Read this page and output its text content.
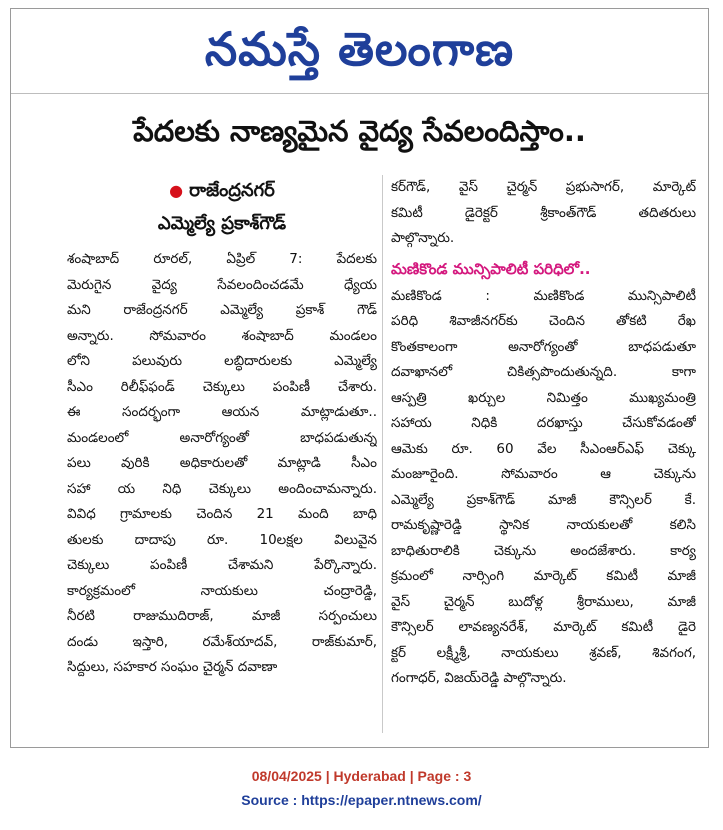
నమస్తే తెలంగాణ
పేదలకు నాణ్యమైన వైద్య సేవలందిస్తాం..
● రాజేంద్రనగర్
ఎమ్మెల్యే ప్రకాశ్‌గౌడ్
శంషాబాద్ రూరల్, ఏప్రిల్ 7: పేదలకు
మెరుగైన వైద్య సేవలందించడమే ధ్యేయ
మని రాజేంద్రనగర్ ఎమ్మెల్యే ప్రకాశ్ గౌడ్
అన్నారు. సోమవారం శంషాబాద్ మండలం
లోని పలువురు లబ్ధిదారులకు ఎమ్మెల్యే
సీఎం రిలీఫ్‌ఫండ్ చెక్కులు పంపిణీ చేశారు.
ఈ సందర్భంగా ఆయన మాట్లాడుతూ..
మండలంలో అనారోగ్యంతో బాధపడుతున్న
పలు వురికి అధికారులతో మాట్లాడి సీఎం
సహా య నిధి చెక్కులు అందించామన్నారు.
వివిధ గ్రామాలకు చెందిన 21 మంది బాధి
తులకు దాదాపు రూ. 10లక్షల విలువైన
చెక్కులు పంపిణీ చేశామని పేర్కొన్నారు.
కార్యక్రమంలో నాయకులు చంద్రారెడ్డి,
నీరటి రాజుముదిరాజ్, మాజీ సర్పంచులు
దండు ఇస్తారి, రమేశ్‌యాదవ్, రాజ్‌కుమార్,
సిద్దులు, సహకార సంఘం చైర్మన్ దవాణా
కర్‌గౌడ్, వైస్ చైర్మన్ ప్రభుసాగర్, మార్కెట్
కమిటీ డైరెక్టర్ శ్రీకాంత్‌గౌడ్ తదితరులు
పాల్గొన్నారు.
మణికొండ మున్సిపాలిటీ పరిధిలో..
మణికొండ : మణికొండ మున్సిపాలిటీ
పరిధి శివాజీనగర్‌కు చెందిన తోకటి రేఖ
కొంతకాలంగా అనారోగ్యంతో బాధపడుతూ
దవాఖానలో చికిత్సపొందుతున్నది. కాగా
ఆస్పత్రి ఖర్చుల నిమిత్తం ముఖ్యమంత్రి
సహాయ నిధికి దరఖాస్తు చేసుకోవడంతో
ఆమెకు రూ. 60 వేల సీఎంఆర్‌ఎఫ్ చెక్కు
మంజూరైంది. సోమవారం ఆ చెక్కును
ఎమ్మెల్యే ప్రకాశ్‌గౌడ్ మాజీ కౌన్సిలర్ కే.
రామకృష్ణారెడ్డి స్థానిక నాయకులతో కలిసి
బాధితురాలికి చెక్కును అందజేశారు. కార్య
క్రమంలో నార్సింగి మార్కెట్ కమిటీ మాజీ
వైస్ చైర్మన్ బుదోళ్ల శ్రీరాములు, మాజీ
కౌన్సిలర్ లావణ్యనరేశ్, మార్కెట్ కమిటీ డైరె
క్టర్ లక్ష్మీశ్రీ, నాయకులు శ్రవణ్, శివగంగ,
గంగాధర్, విజయ్‌రెడ్డి పాల్గొన్నారు.
08/04/2025 | Hyderabad | Page : 3
Source : https://epaper.ntnews.com/
